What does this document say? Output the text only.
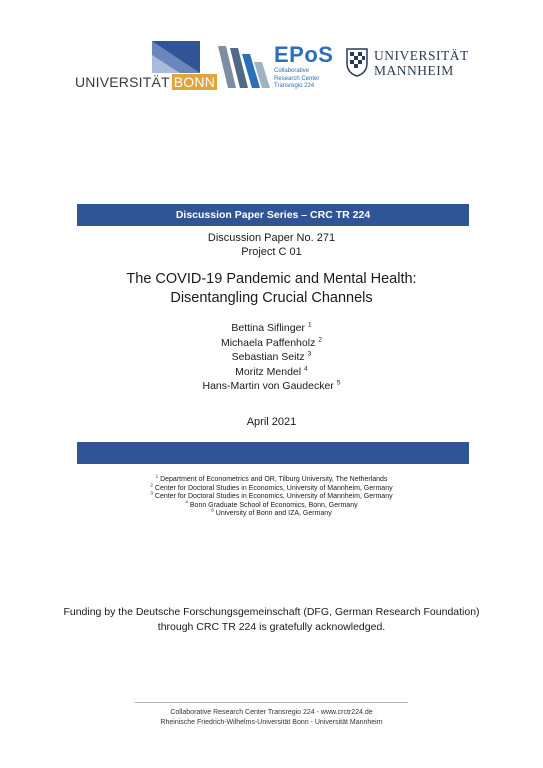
UNIVERSITÄT BONN
EPoS
Collaborative
Research Center
Transregio 224
UNIVERSITÄT
MANNHEIM
Discussion Paper Series – CRC TR 224
Discussion Paper No. 271
Project C 01
The COVID-19 Pandemic and Mental Health:
Disentangling Crucial Channels
Bettina Siflinger $^1$
Michaela Paffenholz $^2$
Sebastian Seitz $^3$
Moritz Mendel $^4$
Hans-Martin von Gaudecker $^5$
April 2021
$^1$ Department of Econometrics and OR, Tilburg University, The Netherlands
$^2$ Center for Doctoral Studies in Economics, University of Mannheim, Germany
$^3$ Center for Doctoral Studies in Economics, University of Mannheim, Germany
$^4$ Bonn Graduate School of Economics, Bonn, Germany
$^5$ University of Bonn and IZA, Germany
Funding by the Deutsche Forschungsgemeinschaft (DFG, German Research Foundation)
through CRC TR 224 is gratefully acknowledged.
Collaborative Research Center Transregio 224 - www.crctr224.de
Rheinische Friedrich-Wilhelms-Universität Bonn - Universität Mannheim
